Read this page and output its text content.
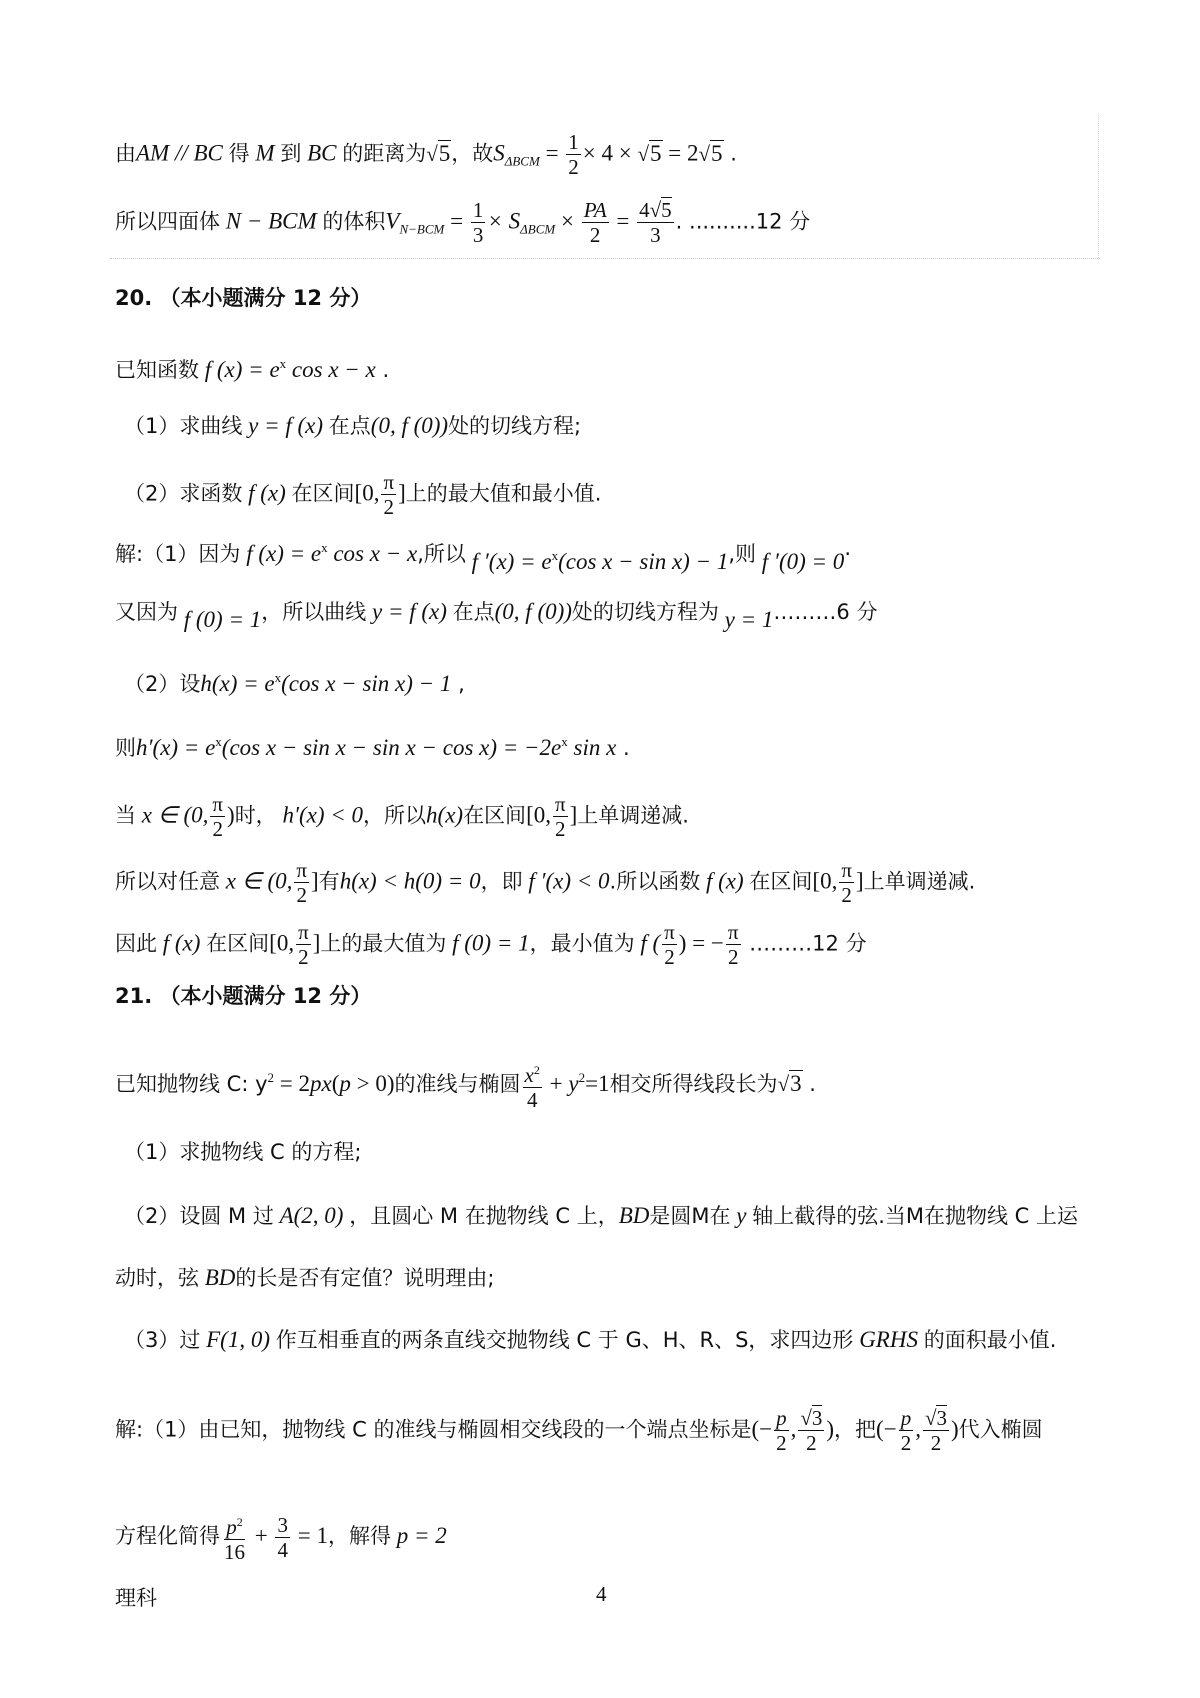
由AM // BC 得 M 到 BC 的距离为√5，故$S_{\Delta BCM} = \frac{1}{2} \times 4 \times √5 = 2√5$ .
所以四面体 N − BCM 的体积$V_{N-BCM} = \frac{1}{3} \times S_{\Delta BCM} \times \frac{PA}{2} = \frac{4√5}{3}$ . ..........12 分
20. （本小题满分 12 分）
已知函数 f $(x) = e^x$ cos x − x .
（1）求曲线 y = f (x) 在点(0, f (0))处的切线方程;
（2）求函数 f (x) 在区间[0, $\frac{\pi}{2}$ ]上的最大值和最小值.
解:（1）因为 f $(x) = e^x$ cos x − x,所以 f $'(x) = e^x(\cos$ x − sin x) − 1,则 f ′(0) = 0·
又因为 f (0) = 1，所以曲线 y = f (x) 在点(0, f (0))处的切线方程为 y = 1………6 分
（2）设$h(x) = e^x(\cos$ x − sin x) − 1 ,
则$h'(x) = e^x(\cos$ $x - \sin x - \sin x - \cos x) = -2e^x$ sin x .
当 x ∈ (0, $\frac{\pi}{2}$ )时， h′(x) < 0，所以h(x)在区间[0, $\frac{\pi}{2}$ ]上单调递减.
所以对任意 x ∈ (0, $\frac{\pi}{2}$ ]有h(x) < h(0) = 0，即 f ′(x) < 0.所以函数 f (x) 在区间[0, $\frac{\pi}{2}$ ]上单调递减.
因此 f (x) 在区间[0, $\frac{\pi}{2}$ ]上的最大值为 f (0) = 1，最小值为 f ( $\frac{\pi}{2}$ ) = − $\frac{\pi}{2}$ ………12 分
21. （本小题满分 12 分）
已知抛物线 C: $y^2 = 2px(p > 0)$的准线与椭圆 $\frac{x^2}{4} + y^2=1$相交所得线段长为√3 .
（1）求抛物线 C 的方程;
（2）设圆 M 过 A(2, 0) ，且圆心 M 在抛物线 C 上，BD是圆M在 y 轴上截得的弦.当M在抛物线 C 上运
动时，弦 BD的长是否有定值？说明理由;
（3）过 F(1, 0) 作互相垂直的两条直线交抛物线 C 于 G、H、R、S，求四边形 GRHS 的面积最小值.
解:（1）由已知，抛物线 C 的准线与椭圆相交线段的一个端点坐标是(− $\frac{p}{2}$ , $\frac{√3}{2}$ )，把(− $\frac{p}{2}$ , $\frac{√3}{2}$ )代入椭圆
方程化简得 $\frac{p^2}{16} + \frac{3}{4} = 1$，解得 p = 2
理科	4
